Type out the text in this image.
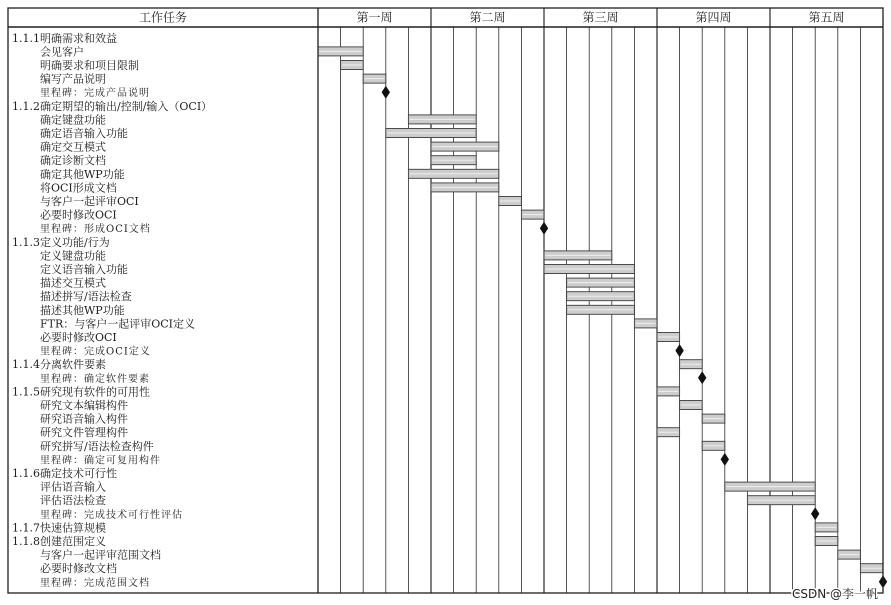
工作任务	第一周	第二周	第三周	第四周	第五周
1.1.1明确需求和效益
会见客户
明确要求和项目限制
编写产品说明
里程碑：完成产品说明
1.1.2确定期望的输出/控制/输入（OCI）
确定键盘功能
确定语音输入功能
确定交互模式
确定诊断文档
确定其他WP功能
将OCI形成文档
与客户一起评审OCI
必要时修改OCI
里程碑：形成OCI文档
1.1.3定义功能/行为
定义键盘功能
定义语音输入功能
描述交互模式
描述拼写/语法检查
描述其他WP功能
FTR：与客户一起评审OCI定义
必要时修改OCI
里程碑：完成OCI定义
1.1.4分离软件要素
里程碑：确定软件要素
1.1.5研究现有软件的可用性
研究文本编辑构件
研究语音输入构件
研究文件管理构件
研究拼写/语法检查构件
里程碑：确定可复用构件
1.1.6确定技术可行性
评估语音输入
评估语法检查
里程碑：完成技术可行性评估
1.1.7快速估算规模
1.1.8创建范围定义
与客户一起评审范围文档
必要时修改文档
里程碑：完成范围文档
CSDN @李一帆
